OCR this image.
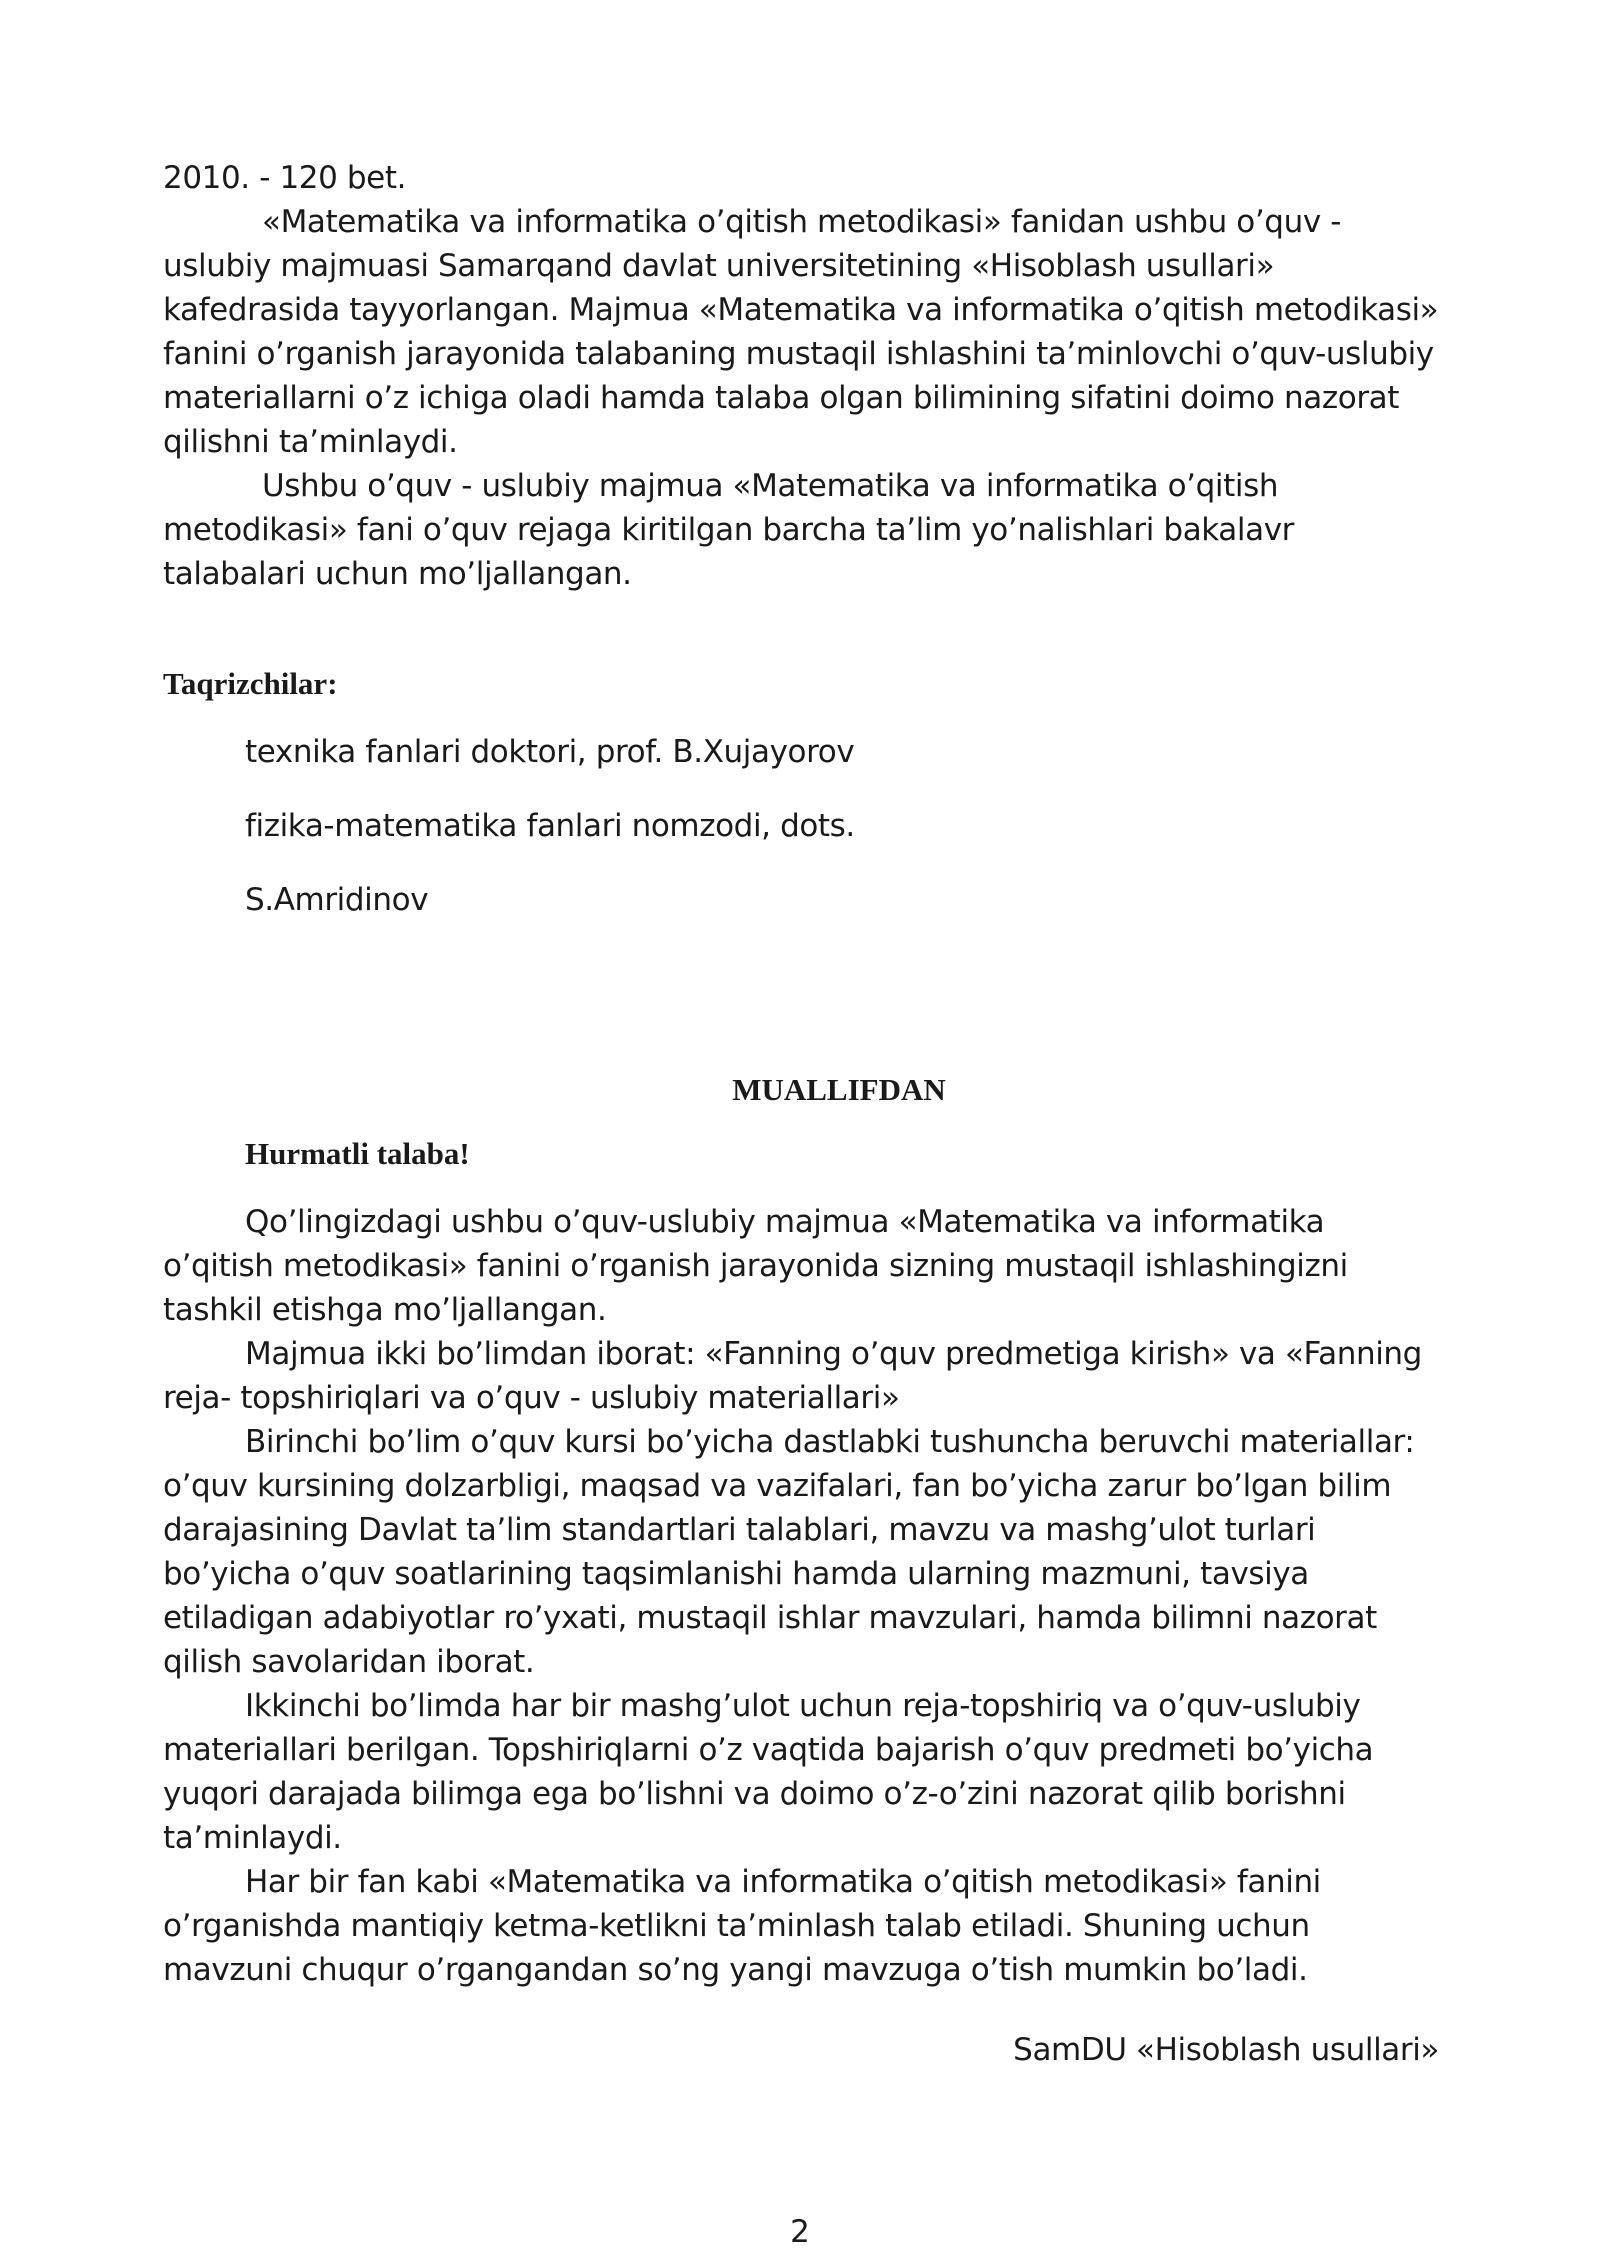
2010. - 120 bet.

«Matematika va informatika o’qitish metodikasi» fanidan ushbu o’quv - uslubiy majmuasi Samarqand davlat universitetining «Hisoblash usullari» kafedrasida tayyorlangan. Majmua «Matematika va informatika o’qitish metodikasi» fanini o’rganish jarayonida talabaning mustaqil ishlashini ta’minlovchi o’quv-uslubiy materiallarni o’z ichiga oladi hamda talaba olgan bilimining sifatini doimo nazorat qilishni ta’minlaydi.

Ushbu o’quv - uslubiy majmua «Matematika va informatika o’qitish metodikasi» fani o’quv rejaga kiritilgan barcha ta’lim yo’nalishlari bakalavr talabalari uchun mo’ljallangan.

Taqrizchilar:
texnika fanlari doktori, prof. B.Xujayorov
fizika-matematika fanlari nomzodi, dots.
S.Amridinov
MUALLIFDAN
Hurmatli talaba!

Qo’lingizdagi ushbu o’quv-uslubiy majmua «Matematika va informatika o’qitish metodikasi» fanini o’rganish jarayonida sizning mustaqil ishlashingizni tashkil etishga mo’ljallangan.

Majmua ikki bo’limdan iborat: «Fanning o’quv predmetiga kirish» va «Fanning reja- topshiriqlari va o’quv - uslubiy materiallari»

Birinchi bo’lim o’quv kursi bo’yicha dastlabki tushuncha beruvchi materiallar: o’quv kursining dolzarbligi, maqsad va vazifalari, fan bo’yicha zarur bo’lgan bilim darajasining Davlat ta’lim standartlari talablari, mavzu va mashg’ulot turlari bo’yicha o’quv soatlarining taqsimlanishi hamda ularning mazmuni, tavsiya etiladigan adabiyotlar ro’yxati, mustaqil ishlar mavzulari, hamda bilimni nazorat qilish savolaridan iborat.

Ikkinchi bo’limda har bir mashg’ulot uchun reja-topshiriq va o’quv-uslubiy materiallari berilgan. Topshiriqlarni o’z vaqtida bajarish o’quv predmeti bo’yicha yuqori darajada bilimga ega bo’lishni va doimo o’z-o’zini nazorat qilib borishni ta’minlaydi.

Har bir fan kabi «Matematika va informatika o’qitish metodikasi» fanini o’rganishda mantiqiy ketma-ketlikni ta’minlash talab etiladi. Shuning uchun mavzuni chuqur o’rgangandan so’ng yangi mavzuga o’tish mumkin bo’ladi.

SamDU «Hisoblash usullari»
2
